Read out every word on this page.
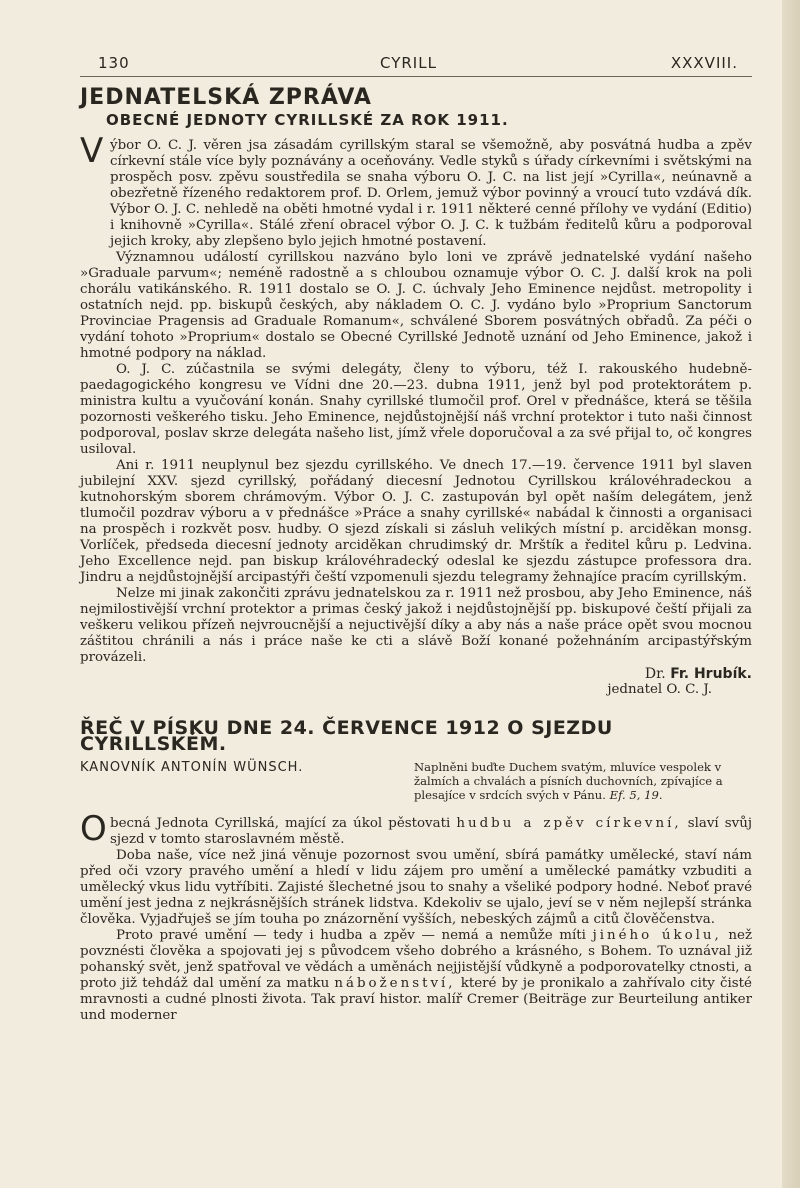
130	CYRILL	XXXVIII.
JEDNATELSKÁ ZPRÁVA
OBECNÉ JEDNOTY CYRILLSKÉ ZA ROK 1911.
V ýbor O. C. J. věren jsa zásadám cyrillským staral se všemožně, aby posvátná hudba a zpěv církevní stále více byly poznávány a oceňovány. Vedle styků s úřady církevními i světskými na prospěch posv. zpěvu soustředila se snaha výboru O. J. C. na list její »Cyrilla«, neúnavně a obezřetně řízeného redaktorem prof. D. Orlem, jemuž výbor povinný a vroucí tuto vzdává dík. Výbor O. J. C. nehledě na oběti hmotné vydal i r. 1911 některé cenné přílohy ve vydání (Editio) i knihovně »Cyrilla«. Stálé zření obracel výbor O. J. C. k tužbám ředitelů kůru a podporoval jejich kroky, aby zlepšeno bylo jejich hmotné postavení.

Významnou událostí cyrillskou nazváno bylo loni ve zprávě jednatelské vydání našeho »Graduale parvum«; neméně radostně a s chloubou oznamuje výbor O. C. J. další krok na poli chorálu vatikánského. R. 1911 dostalo se O. J. C. úchvaly Jeho Eminence nejdůst. metropolity i ostatních nejd. pp. biskupů českých, aby nákladem O. C. J. vydáno bylo »Proprium Sanctorum Provinciae Pragensis ad Graduale Romanum«, schválené Sborem posvátných obřadů. Za péči o vydání tohoto »Proprium« dostalo se Obecné Cyrillské Jednotě uznání od Jeho Eminence, jakož i hmotné podpory na náklad.

O. J. C. zúčastnila se svými delegáty, členy to výboru, též I. rakouského hudebně-paedagogického kongresu ve Vídni dne 20.—23. dubna 1911, jenž byl pod protektorátem p. ministra kultu a vyučování konán. Snahy cyrillské tlumočil prof. Orel v přednášce, která se těšila pozornosti veškerého tisku. Jeho Eminence, nejdůstojnější náš vrchní protektor i tuto naši činnost podporoval, poslav skrze delegáta našeho list, jímž vřele doporučoval a za své přijal to, oč kongres usiloval.

Ani r. 1911 neuplynul bez sjezdu cyrillského. Ve dnech 17.—19. července 1911 byl slaven jubilejní XXV. sjezd cyrillský, pořádaný diecesní Jednotou Cyrillskou královéhradeckou a kutnohorským sborem chrámovým. Výbor O. J. C. zastupován byl opět naším delegátem, jenž tlumočil pozdrav výboru a v přednášce »Práce a snahy cyrillské« nabádal k činnosti a organisaci na prospěch i rozkvět posv. hudby. O sjezd získali si zásluh velikých místní p. arciděkan monsg. Vorlíček, předseda diecesní jednoty arciděkan chrudimský dr. Mrštík a ředitel kůru p. Ledvina. Jeho Excellence nejd. pan biskup královéhradecký odeslal ke sjezdu zástupce professora dra. Jindru a nejdůstojnější arcipastýři čeští vzpomenuli sjezdu telegramy žehnajíce pracím cyrillským.

Nelze mi jinak zakončiti zprávu jednatelskou za r. 1911 než prosbou, aby Jeho Eminence, náš nejmilostivější vrchní protektor a primas český jakož i nejdůstojnější pp. biskupové čeští přijali za veškeru velikou přízeň nejvroucnější a nejuctivější díky a aby nás a naše práce opět svou mocnou záštitou chránili a nás i práce naše ke cti a slávě Boží konané požehnáním arcipastýřským provázeli.

Dr. Fr. Hrubík.
jednatel O. C. J.
ŘEČ V PÍSKU DNE 24. ČERVENCE 1912 O SJEZDU CYRILLSKÉM.
KANOVNÍK ANTONÍN WÜNSCH.	Naplněni buďte Duchem svatým, mluvíce vespolek v žalmích a chvalách a písních duchovních, zpívajíce a plesajíce v srdcích svých v Pánu. Ef. 5, 19.
O becná Jednota Cyrillská, mající za úkol pěstovati hudbu a zpěv církevní, slaví svůj sjezd v tomto staroslavném městě.

Doba naše, více než jiná věnuje pozornost svou umění, sbírá památky umělecké, staví nám před oči vzory pravého umění a hledí v lidu zájem pro umění a umělecké památky vzbuditi a umělecký vkus lidu vytříbiti. Zajisté šlechetné jsou to snahy a všeliké podpory hodné. Neboť pravé umění jest jedna z nejkrásnějších stránek lidstva. Kdekoliv se ujalo, jeví se v něm nejlepší stránka člověka. Vyjadřuješ se jím touha po znázornění vyšších, nebeských zájmů a citů člověčenstva.

Proto pravé umění — tedy i hudba a zpěv — nemá a nemůže míti jiného úkolu, než povznésti člověka a spojovati jej s původcem všeho dobrého a krásného, s Bohem. To uznával již pohanský svět, jenž spatřoval ve vědách a uměnách nejjistější vůdkyně a podporovatelky ctnosti, a proto již tehdáž dal umění za matku náboženství, které by je pronikalo a zahřívalo city čisté mravnosti a cudné plnosti života. Tak praví histor. malíř Cremer (Beiträge zur Beurteilung antiker und moderner
